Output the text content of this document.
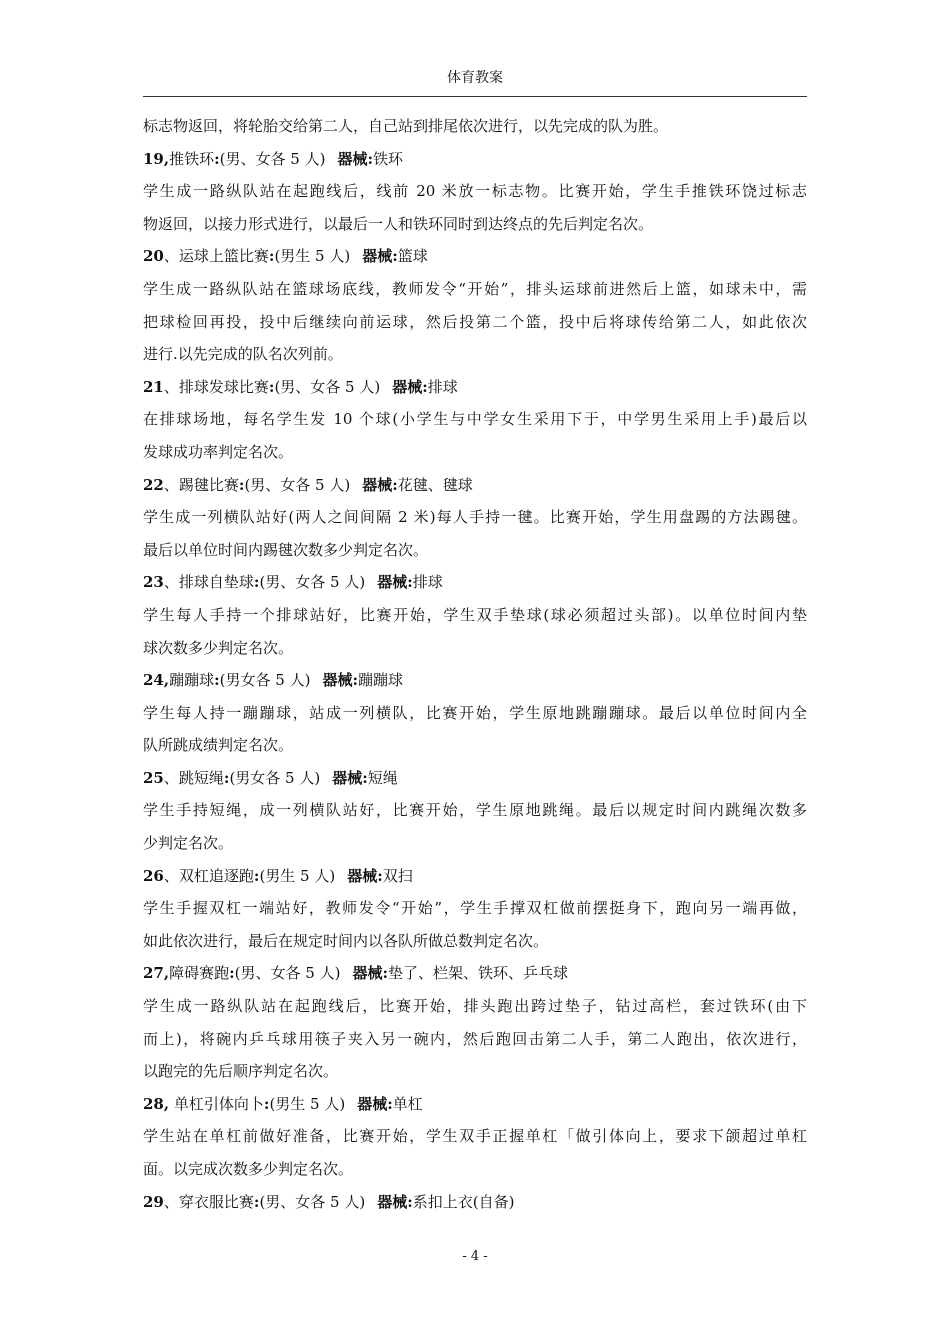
体育教案
标志物返回，将轮胎交给第二人，自己站到排尾依次进行，以先完成的队为胜。
19,推铁环:(男、女各 5 人) 器械:铁环
学生成一路纵队站在起跑线后，线前 20 米放一标志物。比赛开始，学生手推铁环饶过标志
物返回，以接力形式进行，以最后一人和铁环同时到达终点的先后判定名次。
20、运球上篮比赛:(男生 5 人) 器械:篮球
学生成一路纵队站在篮球场底线，教师发令“开始”，排头运球前进然后上篮，如球未中，需
把球检回再投，投中后继续向前运球，然后投第二个篮，投中后将球传给第二人，如此依次
进行.以先完成的队名次列前。
21、排球发球比赛:(男、女各 5 人) 器械:排球
在排球场地，每名学生发 10 个球(小学生与中学女生采用下于，中学男生采用上手)最后以
发球成功率判定名次。
22、踢毽比赛:(男、女各 5 人) 器械:花毽、毽球
学生成一列横队站好(两人之间间隔 2 米)每人手持一毽。比赛开始，学生用盘踢的方法踢毽。
最后以单位时间内踢毽次数多少判定名次。
23、排球自垫球:(男、女各 5 人) 器械:排球
学生每人手持一个排球站好，比赛开始，学生双手垫球(球必须超过头部)。以单位时间内垫
球次数多少判定名次。
24,蹦蹦球:(男女各 5 人) 器械:蹦蹦球
学生每人持一蹦蹦球，站成一列横队，比赛开始，学生原地跳蹦蹦球。最后以单位时间内全
队所跳成绩判定名次。
25、跳短绳:(男女各 5 人) 器械:短绳
学生手持短绳，成一列横队站好，比赛开始，学生原地跳绳。最后以规定时间内跳绳次数多
少判定名次。
26、双杠追逐跑:(男生 5 人) 器械:双扫
学生手握双杠一端站好，教师发令“开始”，学生手撑双杠做前摆挺身下，跑向另一端再做，
如此依次进行，最后在规定时间内以各队所做总数判定名次。
27,障碍赛跑:(男、女各 5 人) 器械:垫了、栏架、铁环、乒乓球
学生成一路纵队站在起跑线后，比赛开始，排头跑出跨过垫子，钻过高栏，套过铁环(由下
而上)，将碗内乒乓球用筷子夹入另一碗内，然后跑回击第二人手，第二人跑出，依次进行，
以跑完的先后顺序判定名次。
28, 单杠引体向卜:(男生 5 人) 器械:单杠
学生站在单杠前做好准备，比赛开始，学生双手正握单杠「做引体向上，要求下颌超过单杠
面。以完成次数多少判定名次。
29、穿衣服比赛:(男、女各 5 人) 器械:系扣上衣(自备)
- 4 -
